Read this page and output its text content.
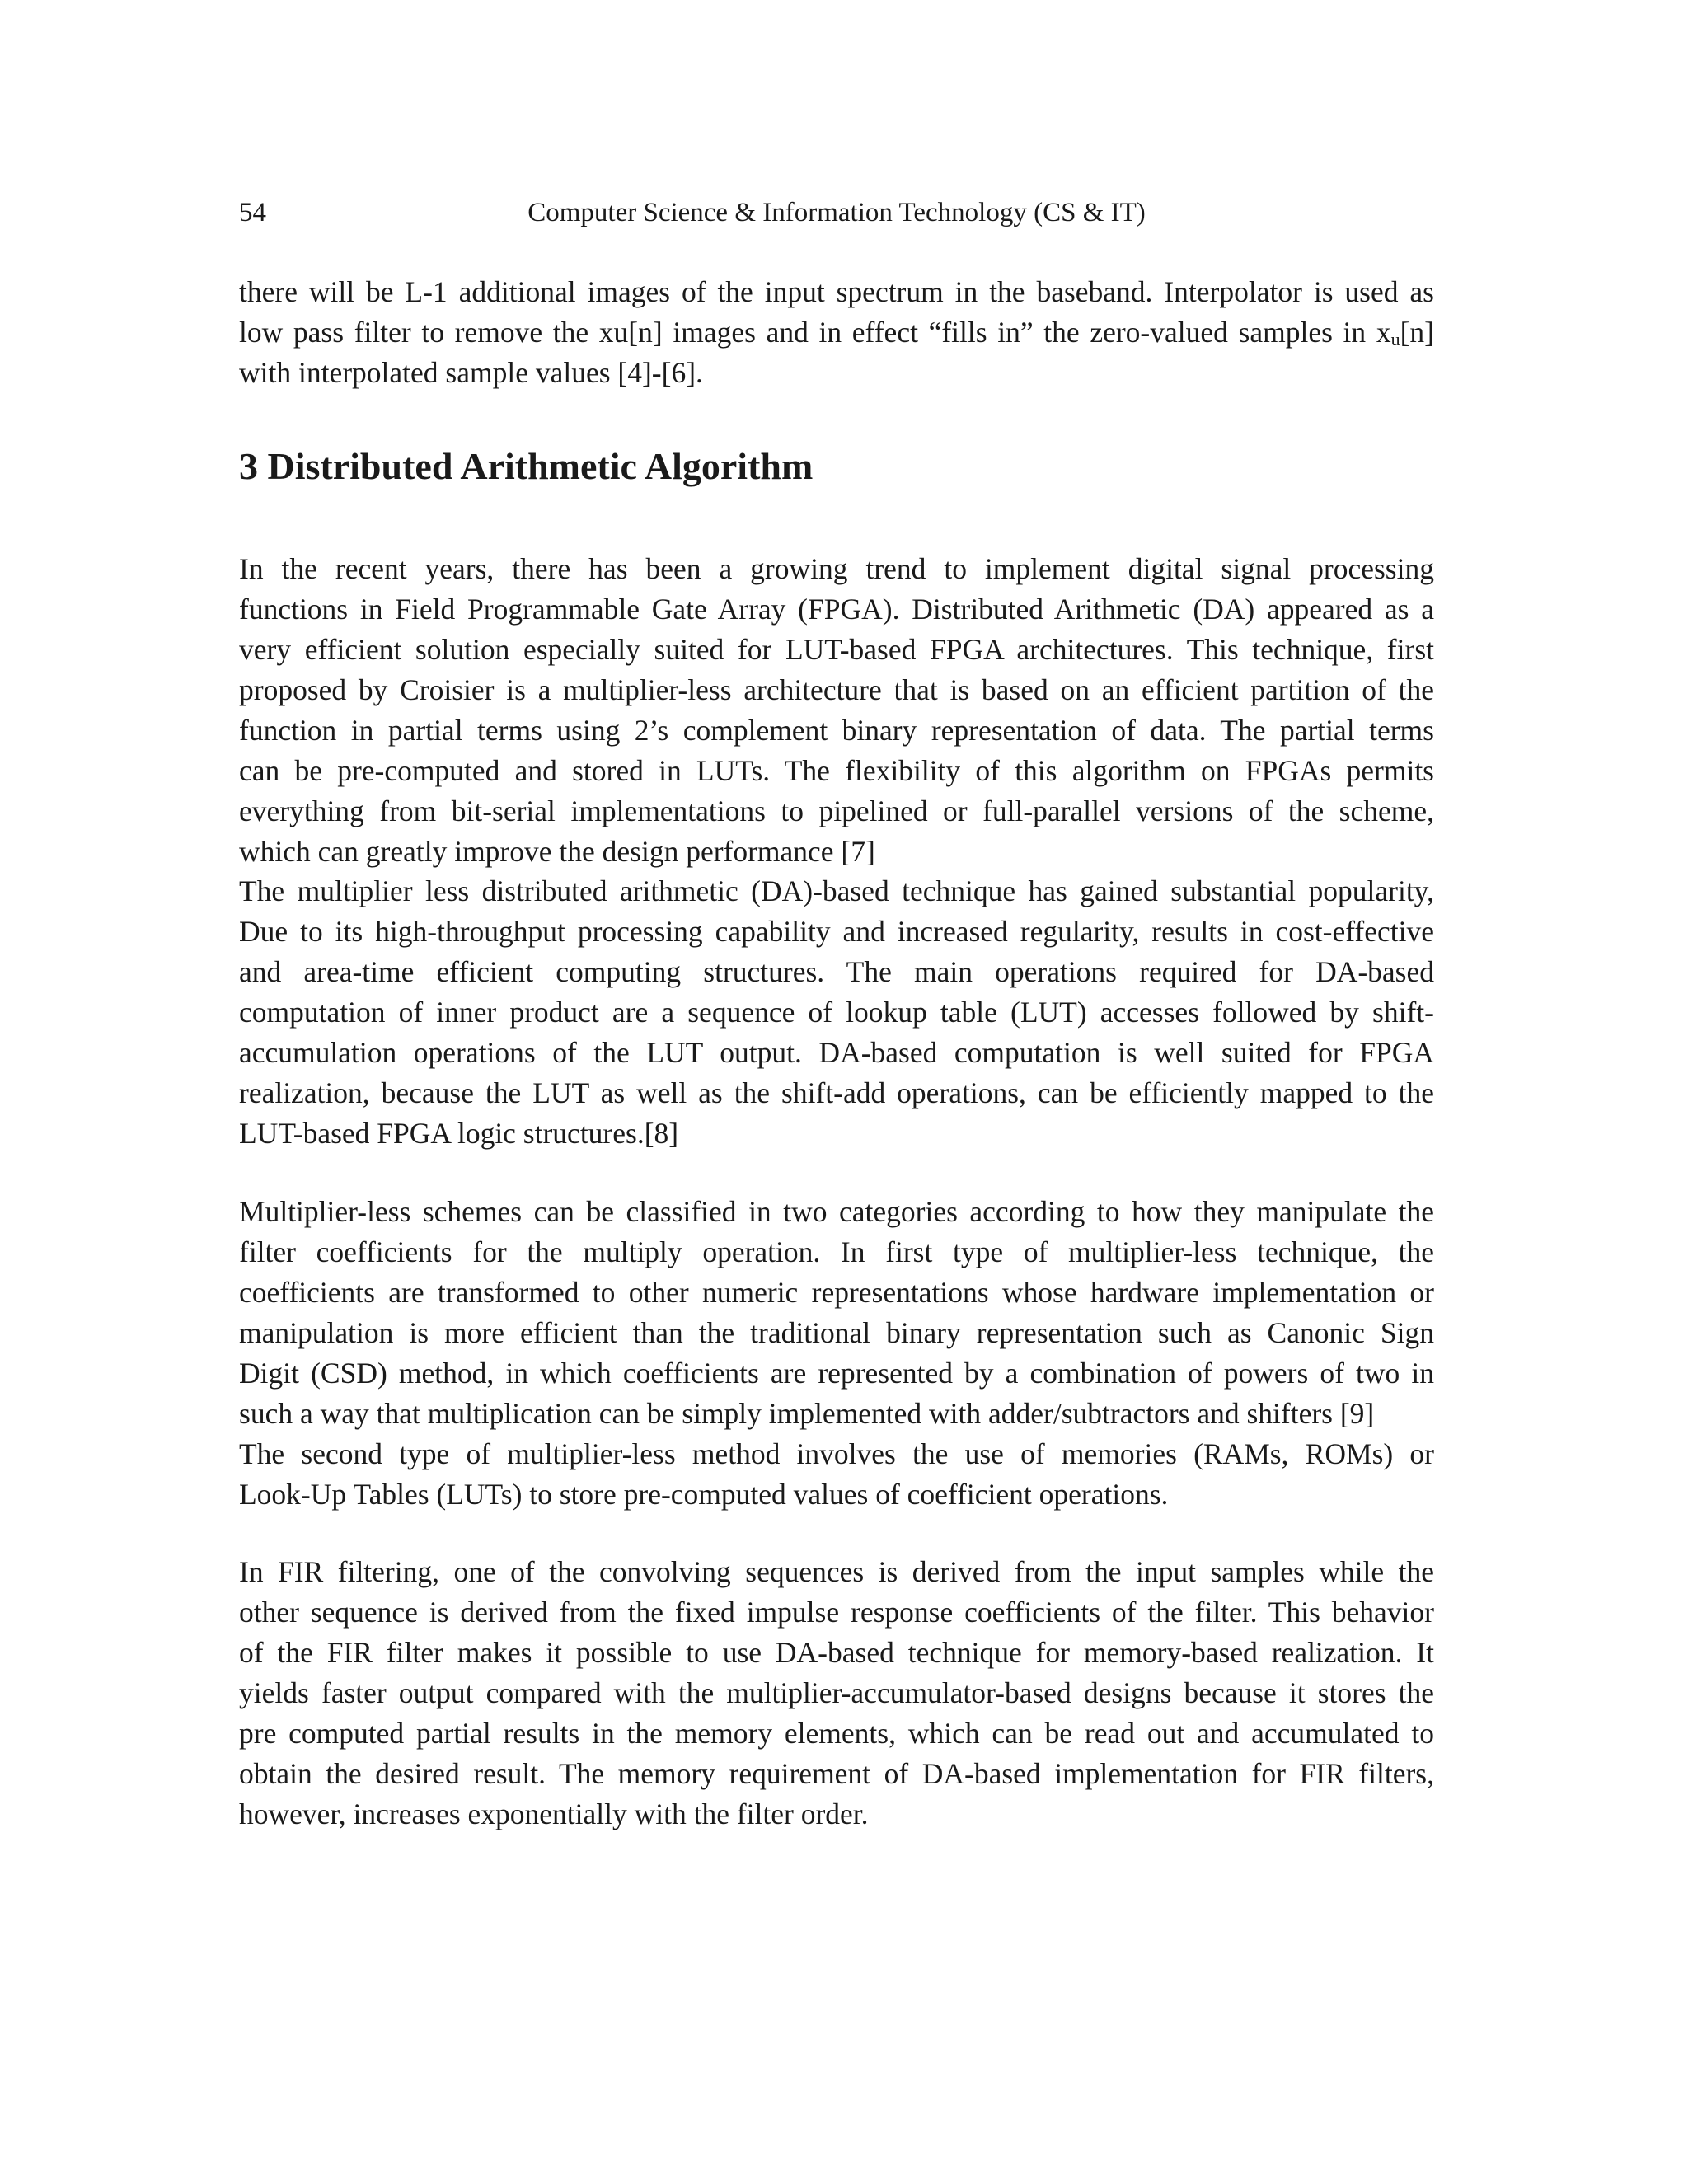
54	Computer Science & Information Technology (CS & IT)

there will be L-1 additional images of the input spectrum in the baseband. Interpolator is used as
low pass filter to remove the xu[n] images and in effect “fills in” the zero-valued samples in $x_u[n]$
with interpolated sample values [4]-[6].

3 Distributed Arithmetic Algorithm

In the recent years, there has been a growing trend to implement digital signal processing
functions in Field Programmable Gate Array (FPGA). Distributed Arithmetic (DA) appeared as a
very efficient solution especially suited for LUT-based FPGA architectures. This technique, first
proposed by Croisier is a multiplier-less architecture that is based on an efficient partition of the
function in partial terms using 2’s complement binary representation of data. The partial terms
can be pre-computed and stored in LUTs. The flexibility of this algorithm on FPGAs permits
everything from bit-serial implementations to pipelined or full-parallel versions of the scheme,
which can greatly improve the design performance [7]

The multiplier less distributed arithmetic (DA)-based technique has gained substantial popularity,
Due to its high-throughput processing capability and increased regularity, results in cost-effective
and area-time efficient computing structures. The main operations required for DA-based
computation of inner product are a sequence of lookup table (LUT) accesses followed by shift-
accumulation operations of the LUT output. DA-based computation is well suited for FPGA
realization, because the LUT as well as the shift-add operations, can be efficiently mapped to the
LUT-based FPGA logic structures.[8]

Multiplier-less schemes can be classified in two categories according to how they manipulate the
filter coefficients for the multiply operation. In first type of multiplier-less technique, the
coefficients are transformed to other numeric representations whose hardware implementation or
manipulation is more efficient than the traditional binary representation such as Canonic Sign
Digit (CSD) method, in which coefficients are represented by a combination of powers of two in
such a way that multiplication can be simply implemented with adder/subtractors and shifters [9]
The second type of multiplier-less method involves the use of memories (RAMs, ROMs) or
Look-Up Tables (LUTs) to store pre-computed values of coefficient operations.

In FIR filtering, one of the convolving sequences is derived from the input samples while the
other sequence is derived from the fixed impulse response coefficients of the filter. This behavior
of the FIR filter makes it possible to use DA-based technique for memory-based realization. It
yields faster output compared with the multiplier-accumulator-based designs because it stores the
pre computed partial results in the memory elements, which can be read out and accumulated to
obtain the desired result. The memory requirement of DA-based implementation for FIR filters,
however, increases exponentially with the filter order.
